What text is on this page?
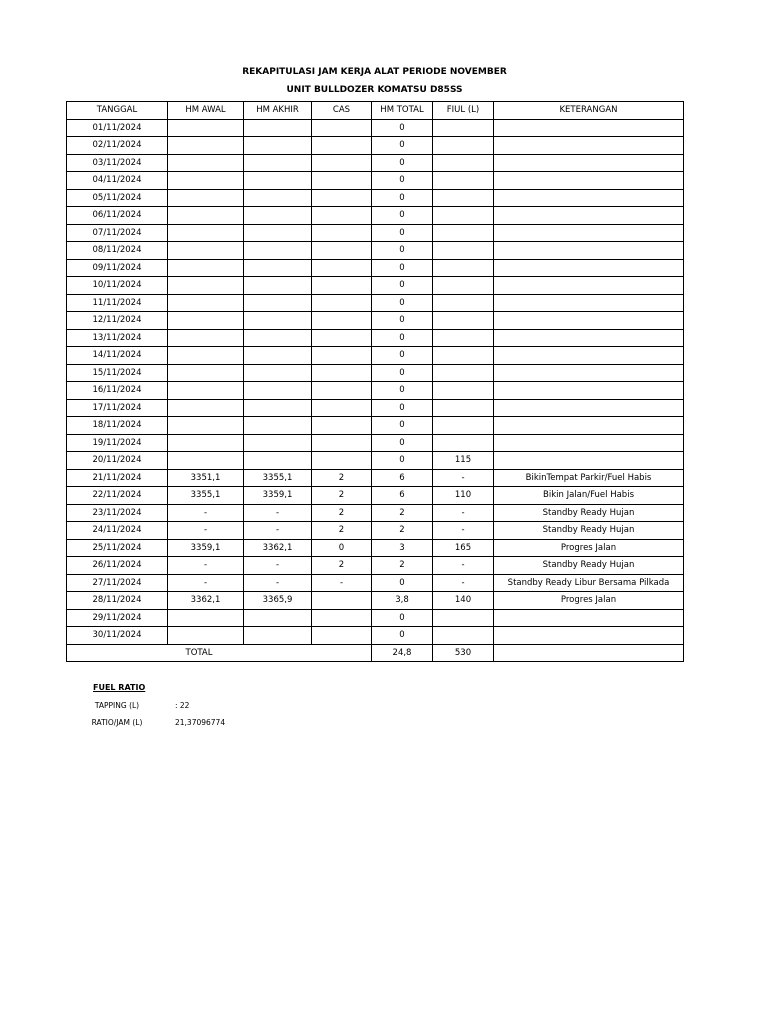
REKAPITULASI JAM KERJA ALAT PERIODE NOVEMBER
UNIT BULLDOZER KOMATSU D85SS
TANGGAL	HM AWAL	HM AKHIR	CAS	HM TOTAL	FIUL (L)	KETERANGAN
01/11/2024				0		
02/11/2024				0		
03/11/2024				0		
04/11/2024				0		
05/11/2024				0		
06/11/2024				0		
07/11/2024				0		
08/11/2024				0		
09/11/2024				0		
10/11/2024				0		
11/11/2024				0		
12/11/2024				0		
13/11/2024				0		
14/11/2024				0		
15/11/2024				0		
16/11/2024				0		
17/11/2024				0		
18/11/2024				0		
19/11/2024				0		
20/11/2024				0	115	
21/11/2024	3351,1	3355,1	2	6	-	BikinTempat Parkir/Fuel Habis
22/11/2024	3355,1	3359,1	2	6	110	Bikin Jalan/Fuel Habis
23/11/2024	-	-	2	2	-	Standby Ready Hujan
24/11/2024	-	-	2	2	-	Standby Ready Hujan
25/11/2024	3359,1	3362,1	0	3	165	Progres Jalan
26/11/2024	-	-	2	2	-	Standby Ready Hujan
27/11/2024	-	-	-	0	-	Standby Ready Libur Bersama Pilkada
28/11/2024	3362,1	3365,9		3,8	140	Progres Jalan
29/11/2024				0		
30/11/2024				0		
TOTAL				24,8	530	
FUEL RATIO
TAPPING (L)	: 22
RATIO/JAM (L)	21,37096774
